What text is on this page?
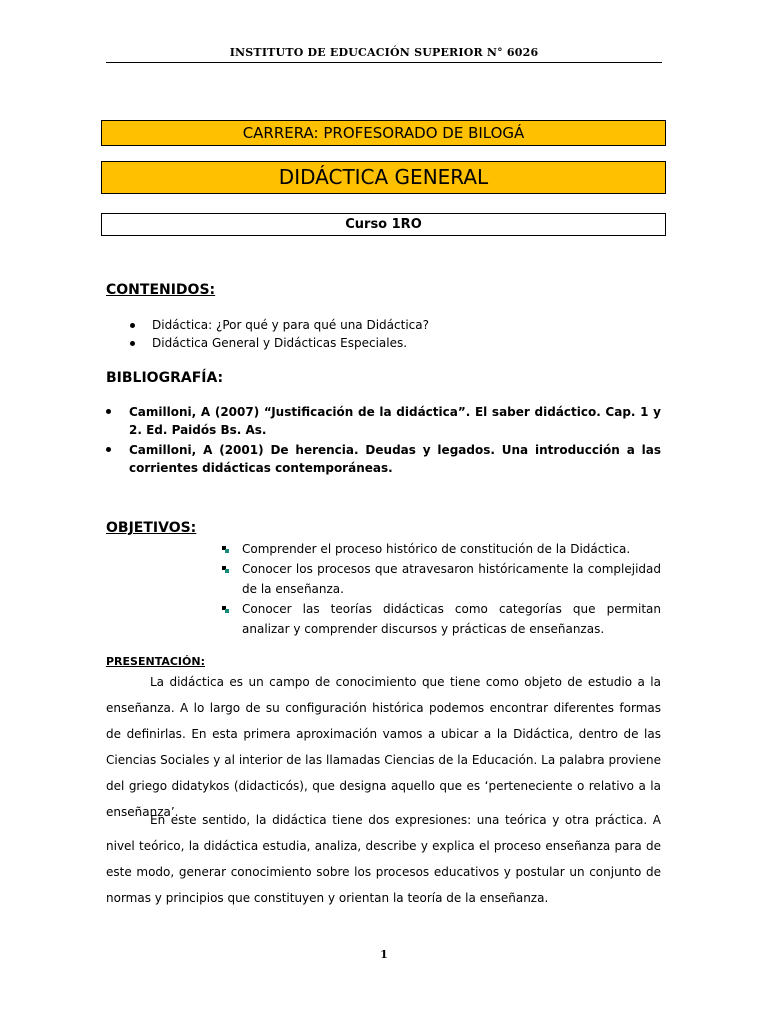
INSTITUTO DE EDUCACIÓN SUPERIOR N° 6026
CARRERA: PROFESORADO DE BILOGÁ
DIDÁCTICA GENERAL
Curso 1RO
CONTENIDOS:
Didáctica: ¿Por qué y para qué una Didáctica?
Didáctica General y Didácticas Especiales.
BIBLIOGRAFÍA:
Camilloni, A (2007) “Justificación de la didáctica”. El saber didáctico. Cap. 1 y 2. Ed. Paidós Bs. As.
Camilloni, A (2001) De herencia. Deudas y legados. Una introducción a las corrientes didácticas contemporáneas.
OBJETIVOS:
Comprender el proceso histórico de constitución de la Didáctica.
Conocer los procesos que atravesaron históricamente la complejidad de la enseñanza.
Conocer las teorías didácticas como categorías que permitan analizar y comprender discursos y prácticas de enseñanzas.
PRESENTACIÓN:
La didáctica es un campo de conocimiento que tiene como objeto de estudio a la enseñanza. A lo largo de su configuración histórica podemos encontrar diferentes formas de definirlas. En esta primera aproximación vamos a ubicar a la Didáctica, dentro de las Ciencias Sociales y al interior de las llamadas Ciencias de la Educación. La palabra proviene del griego didatykos (didacticós), que designa aquello que es ‘perteneciente o relativo a la enseñanza’.
En este sentido, la didáctica tiene dos expresiones: una teórica y otra práctica. A nivel teórico, la didáctica estudia, analiza, describe y explica el proceso enseñanza para de este modo, generar conocimiento sobre los procesos educativos y postular un conjunto de normas y principios que constituyen y orientan la teoría de la enseñanza.
1
